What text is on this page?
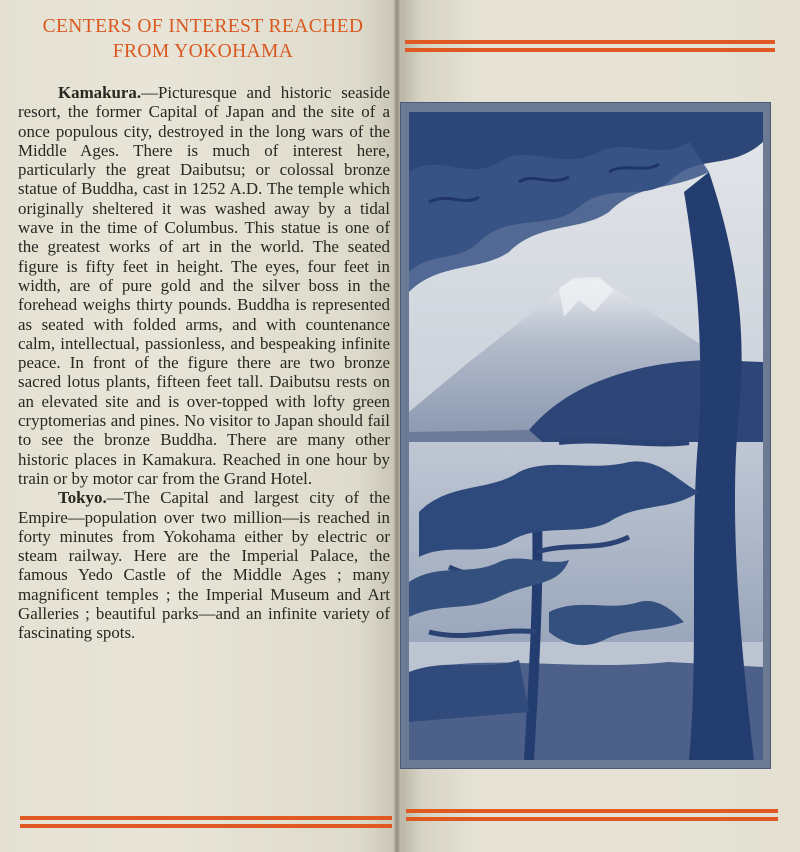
CENTERS OF INTEREST REACHED
FROM YOKOHAMA

Kamakura.—Picturesque and historic seaside resort, the former Capital of Japan and the site of a once populous city, destroyed in the long wars of the Middle Ages. There is much of interest here, particularly the great Daibutsu; or colossal bronze statue of Buddha, cast in 1252 A.D. The temple which originally sheltered it was washed away by a tidal wave in the time of Columbus. This statue is one of the greatest works of art in the world. The seated figure is fifty feet in height. The eyes, four feet in width, are of pure gold and the silver boss in the forehead weighs thirty pounds. Buddha is represented as seated with folded arms, and with countenance calm, intellectual, passionless, and bespeaking infinite peace. In front of the figure there are two bronze sacred lotus plants, fifteen feet tall. Daibutsu rests on an elevated site and is over-topped with lofty green cryptomerias and pines. No visitor to Japan should fail to see the bronze Buddha. There are many other historic places in Kamakura. Reached in one hour by train or by motor car from the Grand Hotel.

Tokyo.—The Capital and largest city of the Empire—population over two million—is reached in forty minutes from Yokohama either by electric or steam railway. Here are the Imperial Palace, the famous Yedo Castle of the Middle Ages ; many magnificent temples ; the Imperial Museum and Art Galleries ; beautiful parks—and an infinite variety of fascinating spots.
